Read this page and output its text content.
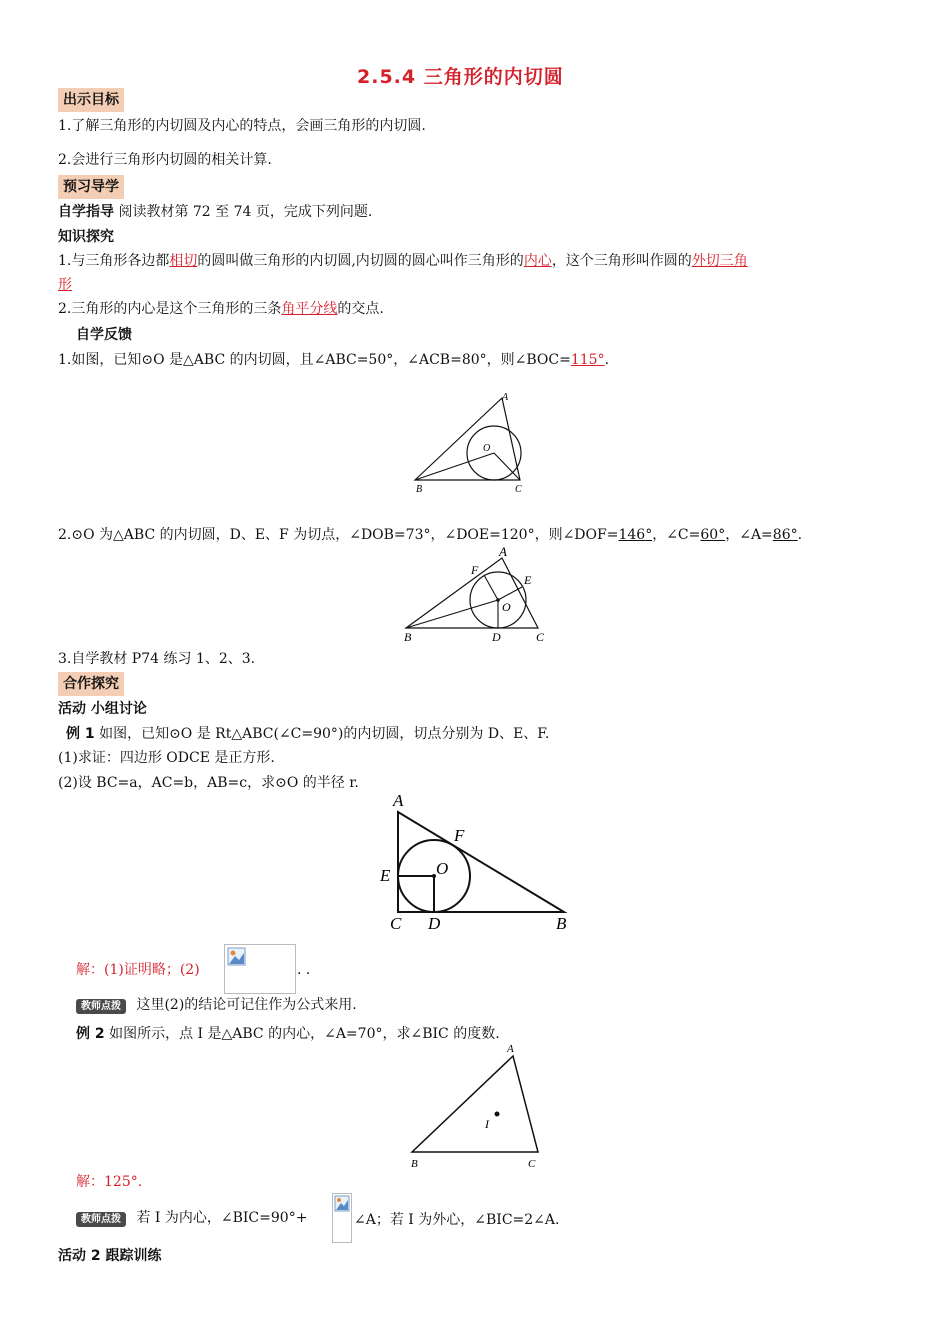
2.5.4 三角形的内切圆
出示目标
1.了解三角形的内切圆及内心的特点，会画三角形的内切圆.
2.会进行三角形内切圆的相关计算.
预习导学
自学指导 阅读教材第 72 至 74 页，完成下列问题.
知识探究
1.与三角形各边都相切的圆叫做三角形的内切圆,内切圆的圆心叫作三角形的内心，这个三角形叫作圆的外切三角
形
2.三角形的内心是这个三角形的三条角平分线的交点.
自学反馈
1.如图，已知⊙O 是△ABC 的内切圆，且∠ABC=50°，∠ACB=80°，则∠BOC=115°.
A
B	C
O
2.⊙O 为△ABC 的内切圆，D、E、F 为切点，∠DOB=73°，∠DOE=120°，则∠DOF=146°，∠C=60°，∠A=86°.
A
B	C
D
E
F
O
3.自学教材 P74 练习 1、2、3.
合作探究
活动 小组讨论
例 1 如图，已知⊙O 是 Rt△ABC(∠C=90°)的内切圆，切点分别为 D、E、F.
(1)求证：四边形 ODCE 是正方形.
(2)设 BC=a，AC=b，AB=c，求⊙O 的半径 r.
A
C D	B
E
F
O
解：(1)证明略；(2)	. .
教师点拨 这里(2)的结论可记住作为公式来用.
例 2 如图所示，点 I 是△ABC 的内心，∠A=70°，求∠BIC 的度数.
A
B	C
I
解：125°.
教师点拨 若 I 为内心，∠BIC=90°+	∠A；若 I 为外心，∠BIC=2∠A.
活动 2 跟踪训练
